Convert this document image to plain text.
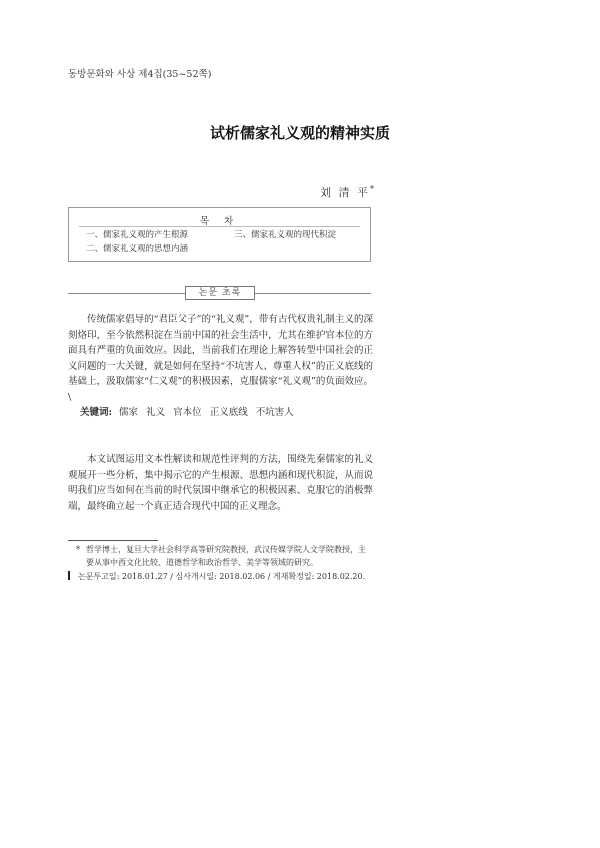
동방문화와 사상 제4집(35~52쪽)
试析儒家礼义观的精神实质
刘 清 平*
목 차
一、儒家礼义观的产生根源	三、儒家礼义观的现代积淀
二、儒家礼义观的思想内涵
논문 초록

传统儒家倡导的“君臣父子”的“礼义观”，带有古代权贵礼制主义的深刻烙印，至今依然积淀在当前中国的社会生活中，尤其在维护官本位的方面具有严重的负面效应。因此，当前我们在理论上解答转型中国社会的正义问题的一大关键，就是如何在坚持“不坑害人、尊重人权”的正义底线的基础上，汲取儒家“仁义观”的积极因素，克服儒家“礼义观”的负面效应。\

关键词: 儒家 礼义 官本位 正义底线 不坑害人

本文试图运用文本性解读和规范性评判的方法，围绕先秦儒家的礼义观展开一些分析，集中揭示它的产生根源、思想内涵和现代积淀，从而说明我们应当如何在当前的时代氛围中继承它的积极因素、克服它的消极弊端，最终确立起一个真正适合现代中国的正义理念。

* 哲学博士，复旦大学社会科学高等研究院教授，武汉传媒学院人文学院教授，主要从事中西文化比较、道德哲学和政治哲学、美学等领域的研究。
논문투고일: 2018.01.27 / 심사개시일: 2018.02.06 / 게재확정일: 2018.02.20.
